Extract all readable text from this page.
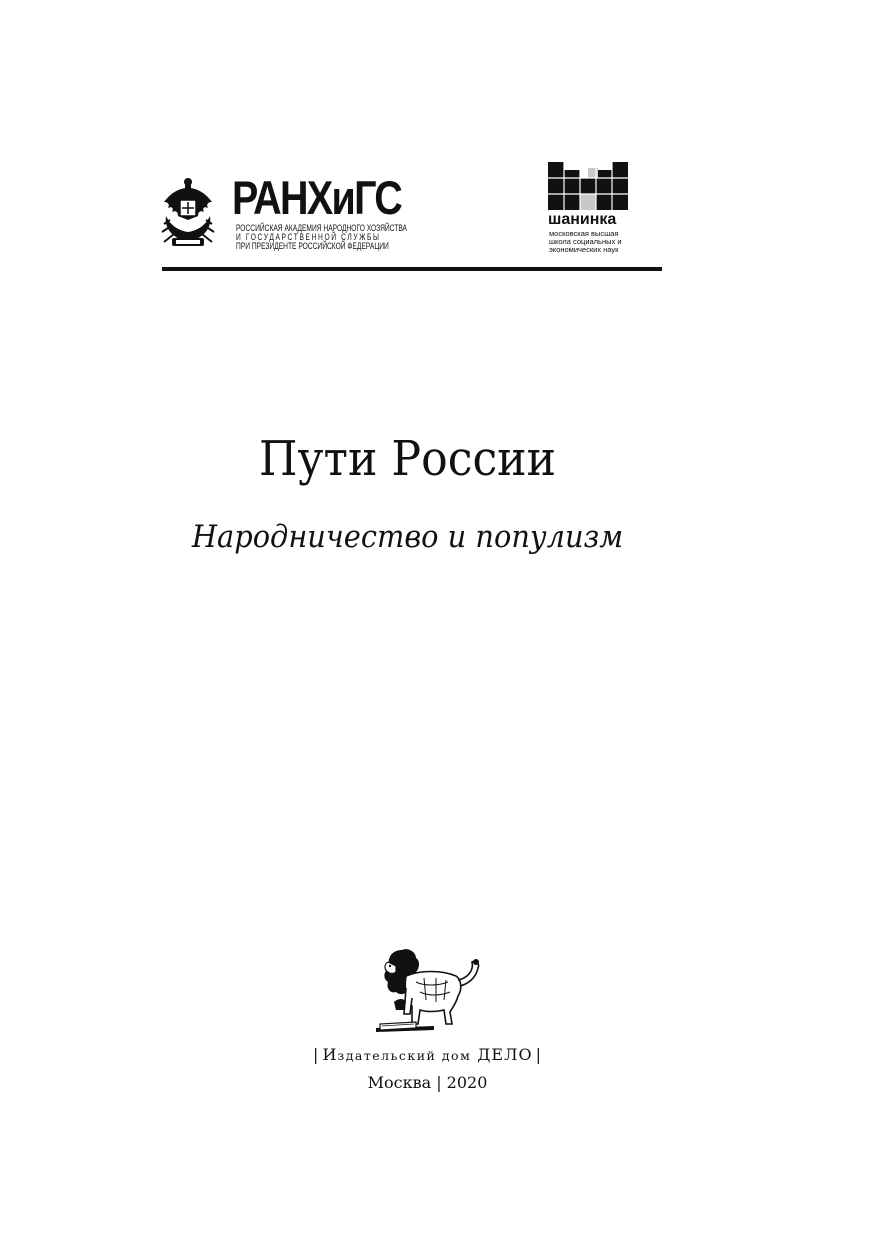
РАНХиГС
РОССИЙСКАЯ АКАДЕМИЯ НАРОДНОГО ХОЗЯЙСТВА
И ГОСУДАРСТВЕННОЙ СЛУЖБЫ
ПРИ ПРЕЗИДЕНТЕ РОССИЙСКОЙ ФЕДЕРАЦИИ
шанинка
московская высшая
школа социальных и
экономических наук
Пути России
Народничество и популизм
| Издательский дом ДЕЛО |
Москва | 2020
